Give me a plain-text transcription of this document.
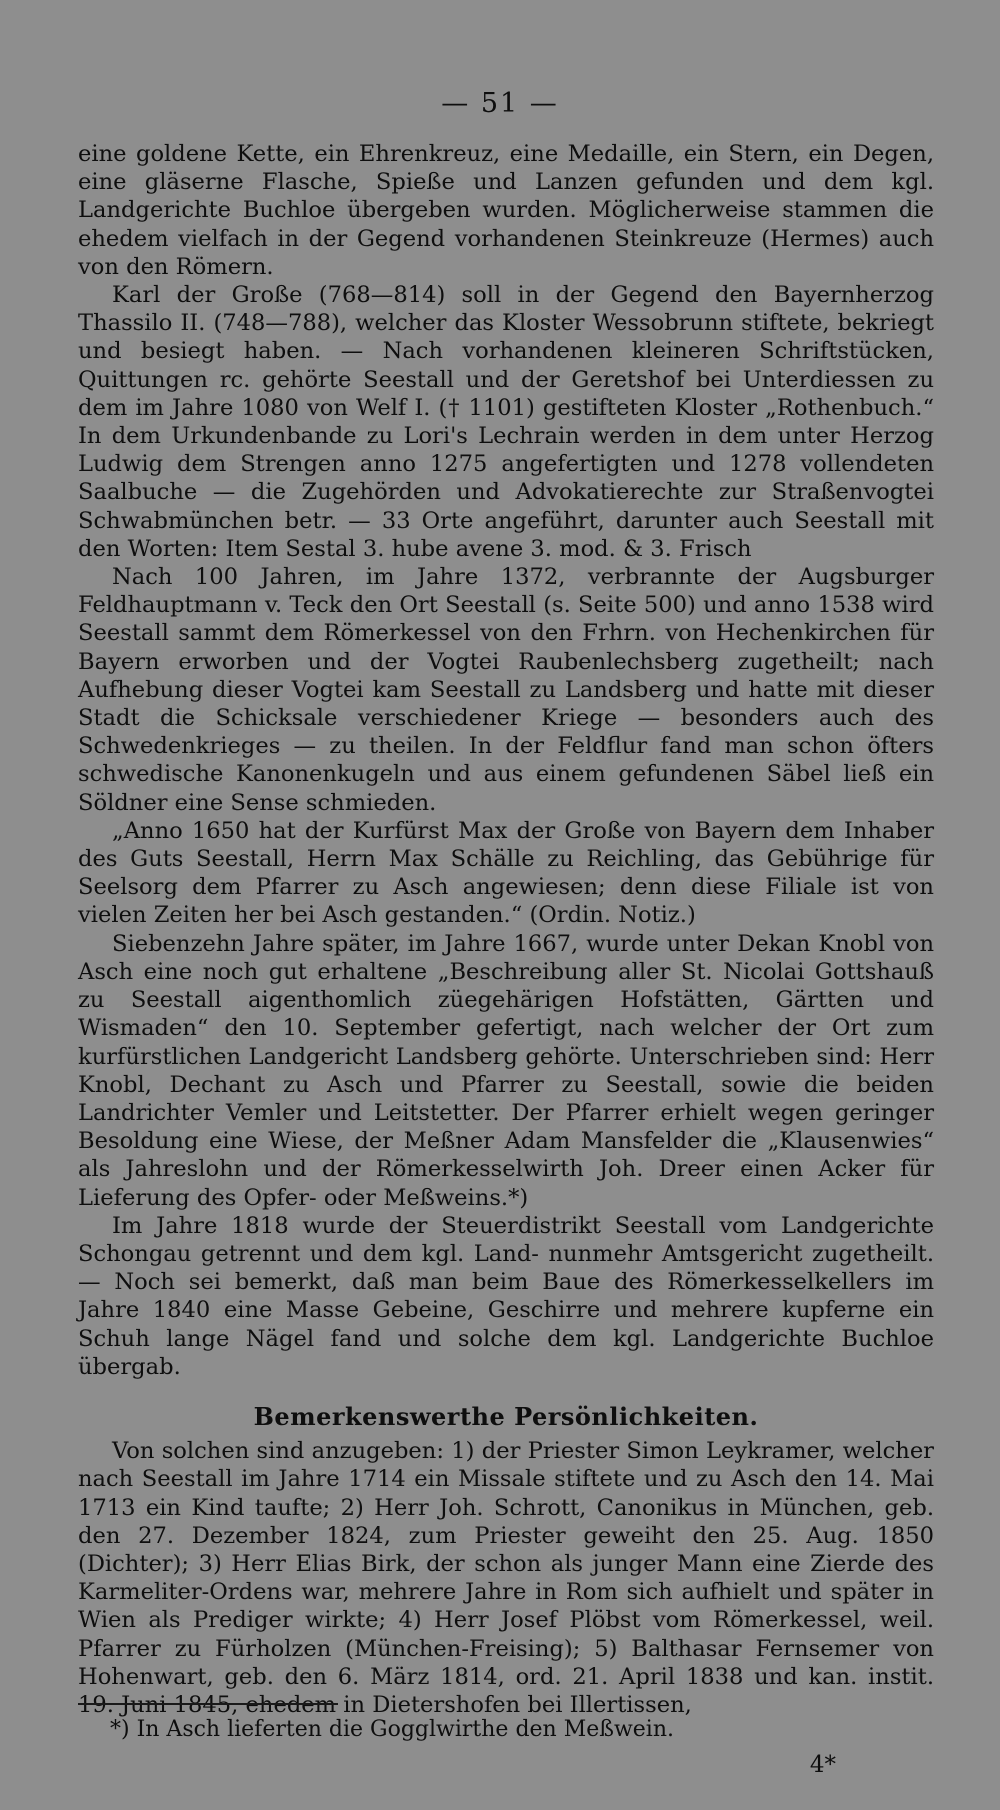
— 51 —

eine goldene Kette, ein Ehrenkreuz, eine Medaille, ein Stern, ein Degen, eine gläserne Flasche, Spieße und Lanzen gefunden und dem kgl. Landgerichte Buchloe übergeben wurden. Möglicherweise stammen die ehedem vielfach in der Gegend vorhandenen Steinkreuze (Hermes) auch von den Römern.

Karl der Große (768—814) soll in der Gegend den Bayernherzog Thassilo II. (748—788), welcher das Kloster Wessobrunn stiftete, bekriegt und besiegt haben. — Nach vorhandenen kleineren Schriftstücken, Quittungen rc. gehörte Seestall und der Geretshof bei Unterdiessen zu dem im Jahre 1080 von Welf I. († 1101) gestifteten Kloster „Rothenbuch.“ In dem Urkundenbande zu Lori's Lechrain werden in dem unter Herzog Ludwig dem Strengen anno 1275 angefertigten und 1278 vollendeten Saalbuche — die Zugehörden und Advokatierechte zur Straßenvogtei Schwabmünchen betr. — 33 Orte angeführt, darunter auch Seestall mit den Worten: Item Sestal 3. hube avene 3. mod. & 3. Frisch

Nach 100 Jahren, im Jahre 1372, verbrannte der Augsburger Feldhauptmann v. Teck den Ort Seestall (s. Seite 500) und anno 1538 wird Seestall sammt dem Römerkessel von den Frhrn. von Hechenkirchen für Bayern erworben und der Vogtei Raubenlechsberg zugetheilt; nach Aufhebung dieser Vogtei kam Seestall zu Landsberg und hatte mit dieser Stadt die Schicksale verschiedener Kriege — besonders auch des Schwedenkrieges — zu theilen. In der Feldflur fand man schon öfters schwedische Kanonenkugeln und aus einem gefundenen Säbel ließ ein Söldner eine Sense schmieden.

„Anno 1650 hat der Kurfürst Max der Große von Bayern dem Inhaber des Guts Seestall, Herrn Max Schälle zu Reichling, das Gebührige für Seelsorg dem Pfarrer zu Asch angewiesen; denn diese Filiale ist von vielen Zeiten her bei Asch gestanden.“ (Ordin. Notiz.)

Siebenzehn Jahre später, im Jahre 1667, wurde unter Dekan Knobl von Asch eine noch gut erhaltene „Beschreibung aller St. Nicolai Gottshauß zu Seestall aigenthomlich züegehärigen Hofstätten, Gärtten und Wismaden“ den 10. September gefertigt, nach welcher der Ort zum kurfürstlichen Landgericht Landsberg gehörte. Unterschrieben sind: Herr Knobl, Dechant zu Asch und Pfarrer zu Seestall, sowie die beiden Landrichter Vemler und Leitstetter. Der Pfarrer erhielt wegen geringer Besoldung eine Wiese, der Meßner Adam Mansfelder die „Klausenwies“ als Jahreslohn und der Römerkesselwirth Joh. Dreer einen Acker für Lieferung des Opfer- oder Meßweins.*)

Im Jahre 1818 wurde der Steuerdistrikt Seestall vom Landgerichte Schongau getrennt und dem kgl. Land- nunmehr Amtsgericht zugetheilt. — Noch sei bemerkt, daß man beim Baue des Römerkesselkellers im Jahre 1840 eine Masse Gebeine, Geschirre und mehrere kupferne ein Schuh lange Nägel fand und solche dem kgl. Landgerichte Buchloe übergab.

Bemerkenswerthe Persönlichkeiten.

Von solchen sind anzugeben: 1) der Priester Simon Leykramer, welcher nach Seestall im Jahre 1714 ein Missale stiftete und zu Asch den 14. Mai 1713 ein Kind taufte; 2) Herr Joh. Schrott, Canonikus in München, geb. den 27. Dezember 1824, zum Priester geweiht den 25. Aug. 1850 (Dichter); 3) Herr Elias Birk, der schon als junger Mann eine Zierde des Karmeliter-Ordens war, mehrere Jahre in Rom sich aufhielt und später in Wien als Prediger wirkte; 4) Herr Josef Plöbst vom Römerkessel, weil. Pfarrer zu Fürholzen (München-Freising); 5) Balthasar Fernsemer von Hohenwart, geb. den 6. März 1814, ord. 21. April 1838 und kan. instit. 19. Juni 1845, ehedem in Dietershofen bei Illertissen,

*) In Asch lieferten die Gogglwirthe den Meßwein.
4*
